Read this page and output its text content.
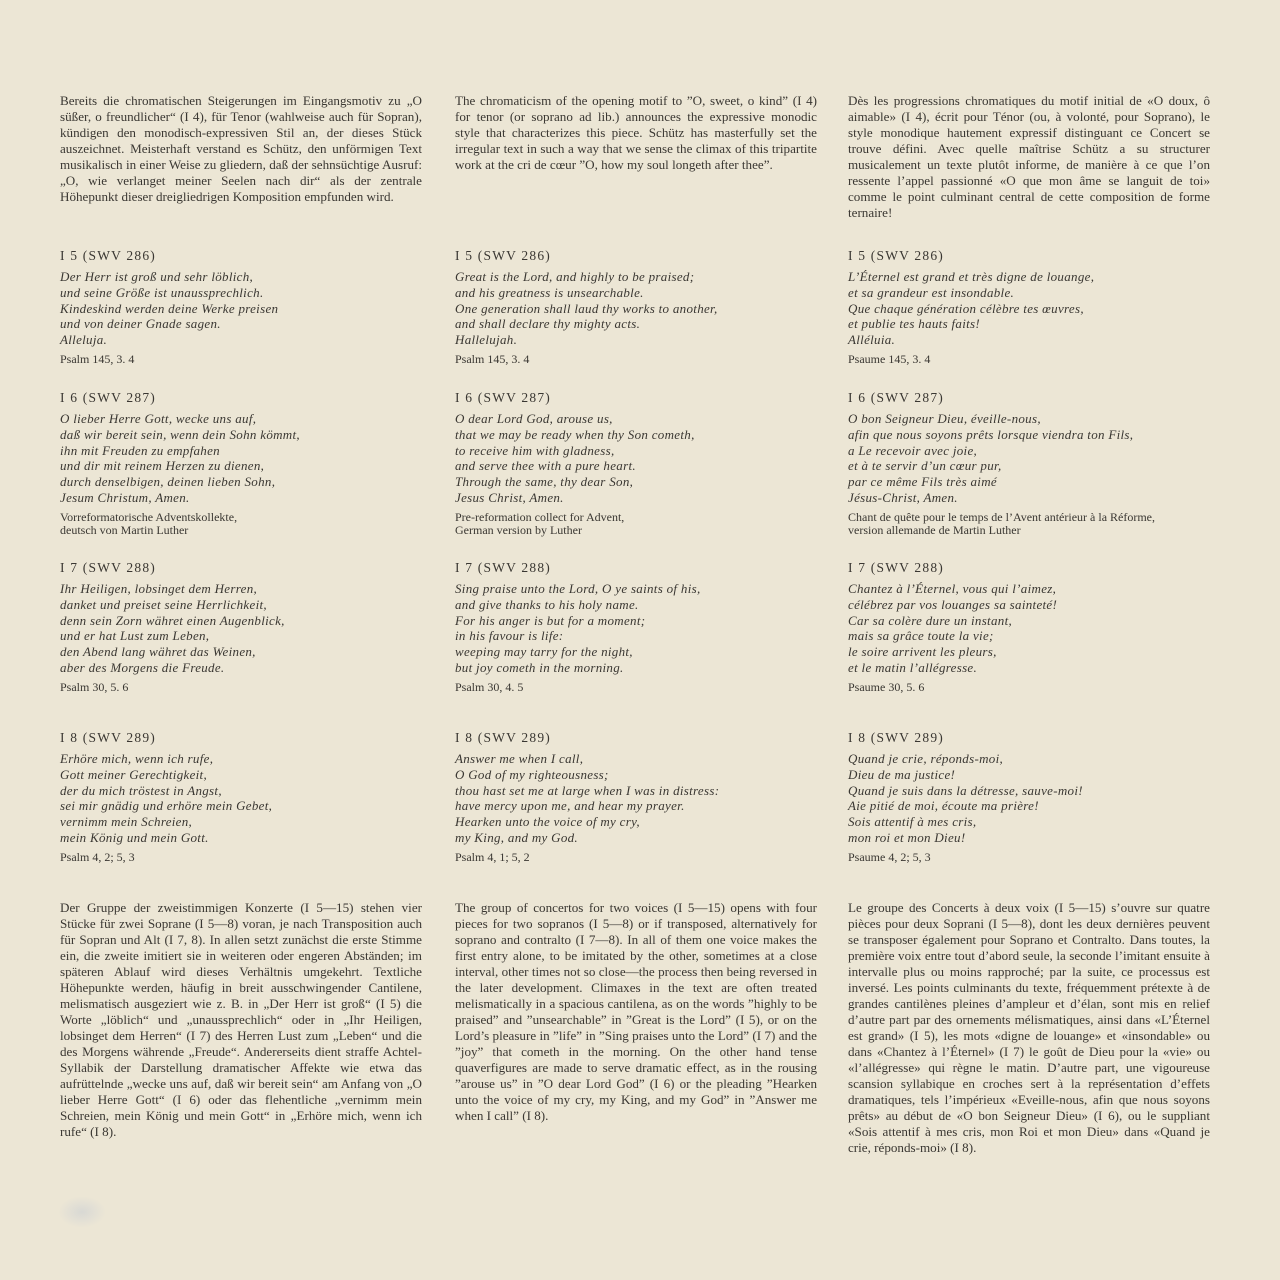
Bereits die chromatischen Steigerungen im Eingangsmotiv zu „O süßer, o freundlicher“ (I 4), für Tenor (wahlweise auch für Sopran), kündigen den monodisch-expressiven Stil an, der dieses Stück auszeichnet. Meisterhaft verstand es Schütz, den unförmigen Text musikalisch in einer Weise zu gliedern, daß der sehnsüchtige Ausruf: „O, wie verlanget meiner Seelen nach dir“ als der zentrale Höhepunkt dieser dreigliedrigen Komposition empfunden wird.

I 5 (SWV 286)

Der Herr ist groß und sehr löblich,
und seine Größe ist unaussprechlich.
Kindeskind werden deine Werke preisen
und von deiner Gnade sagen.
Alleluja.

Psalm 145, 3. 4

I 6 (SWV 287)

O lieber Herre Gott, wecke uns auf,
daß wir bereit sein, wenn dein Sohn kömmt,
ihn mit Freuden zu empfahen
und dir mit reinem Herzen zu dienen,
durch denselbigen, deinen lieben Sohn,
Jesum Christum, Amen.

Vorreformatorische Adventskollekte,
deutsch von Martin Luther

I 7 (SWV 288)

Ihr Heiligen, lobsinget dem Herren,
danket und preiset seine Herrlichkeit,
denn sein Zorn währet einen Augenblick,
und er hat Lust zum Leben,
den Abend lang währet das Weinen,
aber des Morgens die Freude.

Psalm 30, 5. 6

I 8 (SWV 289)

Erhöre mich, wenn ich rufe,
Gott meiner Gerechtigkeit,
der du mich tröstest in Angst,
sei mir gnädig und erhöre mein Gebet,
vernimm mein Schreien,
mein König und mein Gott.

Psalm 4, 2; 5, 3

Der Gruppe der zweistimmigen Konzerte (I 5—15) stehen vier Stücke für zwei Soprane (I 5—8) voran, je nach Transposition auch für Sopran und Alt (I 7, 8). In allen setzt zunächst die erste Stimme ein, die zweite imitiert sie in weiteren oder engeren Abständen; im späteren Ablauf wird dieses Verhältnis umgekehrt. Textliche Höhepunkte werden, häufig in breit ausschwingender Cantilene, melismatisch ausgeziert wie z. B. in „Der Herr ist groß“ (I 5) die Worte „löblich“ und „unaussprechlich“ oder in „Ihr Heiligen, lobsinget dem Herren“ (I 7) des Herren Lust zum „Leben“ und die des Morgens währende „Freude“. Andererseits dient straffe Achtel-Syllabik der Darstellung dramatischer Affekte wie etwa das aufrüttelnde „wecke uns auf, daß wir bereit sein“ am Anfang von „O lieber Herre Gott“ (I 6) oder das flehentliche „vernimm mein Schreien, mein König und mein Gott“ in „Erhöre mich, wenn ich rufe“ (I 8).

The chromaticism of the opening motif to ”O, sweet, o kind” (I 4) for tenor (or soprano ad lib.) announces the expressive monodic style that characterizes this piece. Schütz has masterfully set the irregular text in such a way that we sense the climax of this tripartite work at the cri de cœur ”O, how my soul longeth after thee”.

I 5 (SWV 286)

Great is the Lord, and highly to be praised;
and his greatness is unsearchable.
One generation shall laud thy works to another,
and shall declare thy mighty acts.
Hallelujah.

Psalm 145, 3. 4

I 6 (SWV 287)

O dear Lord God, arouse us,
that we may be ready when thy Son cometh,
to receive him with gladness,
and serve thee with a pure heart.
Through the same, thy dear Son,
Jesus Christ, Amen.

Pre-reformation collect for Advent,
German version by Luther

I 7 (SWV 288)

Sing praise unto the Lord, O ye saints of his,
and give thanks to his holy name.
For his anger is but for a moment;
in his favour is life:
weeping may tarry for the night,
but joy cometh in the morning.

Psalm 30, 4. 5

I 8 (SWV 289)

Answer me when I call,
O God of my righteousness;
thou hast set me at large when I was in distress:
have mercy upon me, and hear my prayer.
Hearken unto the voice of my cry,
my King, and my God.

Psalm 4, 1; 5, 2

The group of concertos for two voices (I 5—15) opens with four pieces for two sopranos (I 5—8) or if transposed, alternatively for soprano and contralto (I 7—8). In all of them one voice makes the first entry alone, to be imitated by the other, sometimes at a close interval, other times not so close—the process then being reversed in the later development. Climaxes in the text are often treated melismatically in a spacious cantilena, as on the words ”highly to be praised” and ”unsearchable” in ”Great is the Lord” (I 5), or on the Lord’s pleasure in ”life” in ”Sing praises unto the Lord” (I 7) and the ”joy” that cometh in the morning. On the other hand tense quaverfigures are made to serve dramatic effect, as in the rousing ”arouse us” in ”O dear Lord God” (I 6) or the pleading ”Hearken unto the voice of my cry, my King, and my God” in ”Answer me when I call” (I 8).

Dès les progressions chromatiques du motif initial de «O doux, ô aimable» (I 4), écrit pour Ténor (ou, à volonté, pour Soprano), le style monodique hautement expressif distinguant ce Concert se trouve défini. Avec quelle maîtrise Schütz a su structurer musicalement un texte plutôt informe, de manière à ce que l’on ressente l’appel passionné «O que mon âme se languit de toi» comme le point culminant central de cette composition de forme ternaire!

I 5 (SWV 286)

L’Éternel est grand et très digne de louange,
et sa grandeur est insondable.
Que chaque génération célèbre tes œuvres,
et publie tes hauts faits!
Alléluia.

Psaume 145, 3. 4

I 6 (SWV 287)

O bon Seigneur Dieu, éveille-nous,
afin que nous soyons prêts lorsque viendra ton Fils,
a Le recevoir avec joie,
et à te servir d’un cœur pur,
par ce même Fils très aimé
Jésus-Christ, Amen.

Chant de quête pour le temps de l’Avent antérieur à la Réforme,
version allemande de Martin Luther

I 7 (SWV 288)

Chantez à l’Éternel, vous qui l’aimez,
célébrez par vos louanges sa sainteté!
Car sa colère dure un instant,
mais sa grâce toute la vie;
le soire arrivent les pleurs,
et le matin l’allégresse.

Psaume 30, 5. 6

I 8 (SWV 289)

Quand je crie, réponds-moi,
Dieu de ma justice!
Quand je suis dans la détresse, sauve-moi!
Aie pitié de moi, écoute ma prière!
Sois attentif à mes cris,
mon roi et mon Dieu!

Psaume 4, 2; 5, 3

Le groupe des Concerts à deux voix (I 5—15) s’ouvre sur quatre pièces pour deux Soprani (I 5—8), dont les deux dernières peuvent se transposer également pour Soprano et Contralto. Dans toutes, la première voix entre tout d’abord seule, la seconde l’imitant ensuite à intervalle plus ou moins rapproché; par la suite, ce processus est inversé. Les points culminants du texte, fréquemment prétexte à de grandes cantilènes pleines d’ampleur et d’élan, sont mis en relief d’autre part par des ornements mélismatiques, ainsi dans «L’Éternel est grand» (I 5), les mots «digne de louange» et «insondable» ou dans «Chantez à l’Éternel» (I 7) le goût de Dieu pour la «vie» ou «l’allégresse» qui règne le matin. D’autre part, une vigoureuse scansion syllabique en croches sert à la représentation d’effets dramatiques, tels l’impérieux «Eveille-nous, afin que nous soyons prêts» au début de «O bon Seigneur Dieu» (I 6), ou le suppliant «Sois attentif à mes cris, mon Roi et mon Dieu» dans «Quand je crie, réponds-moi» (I 8).
